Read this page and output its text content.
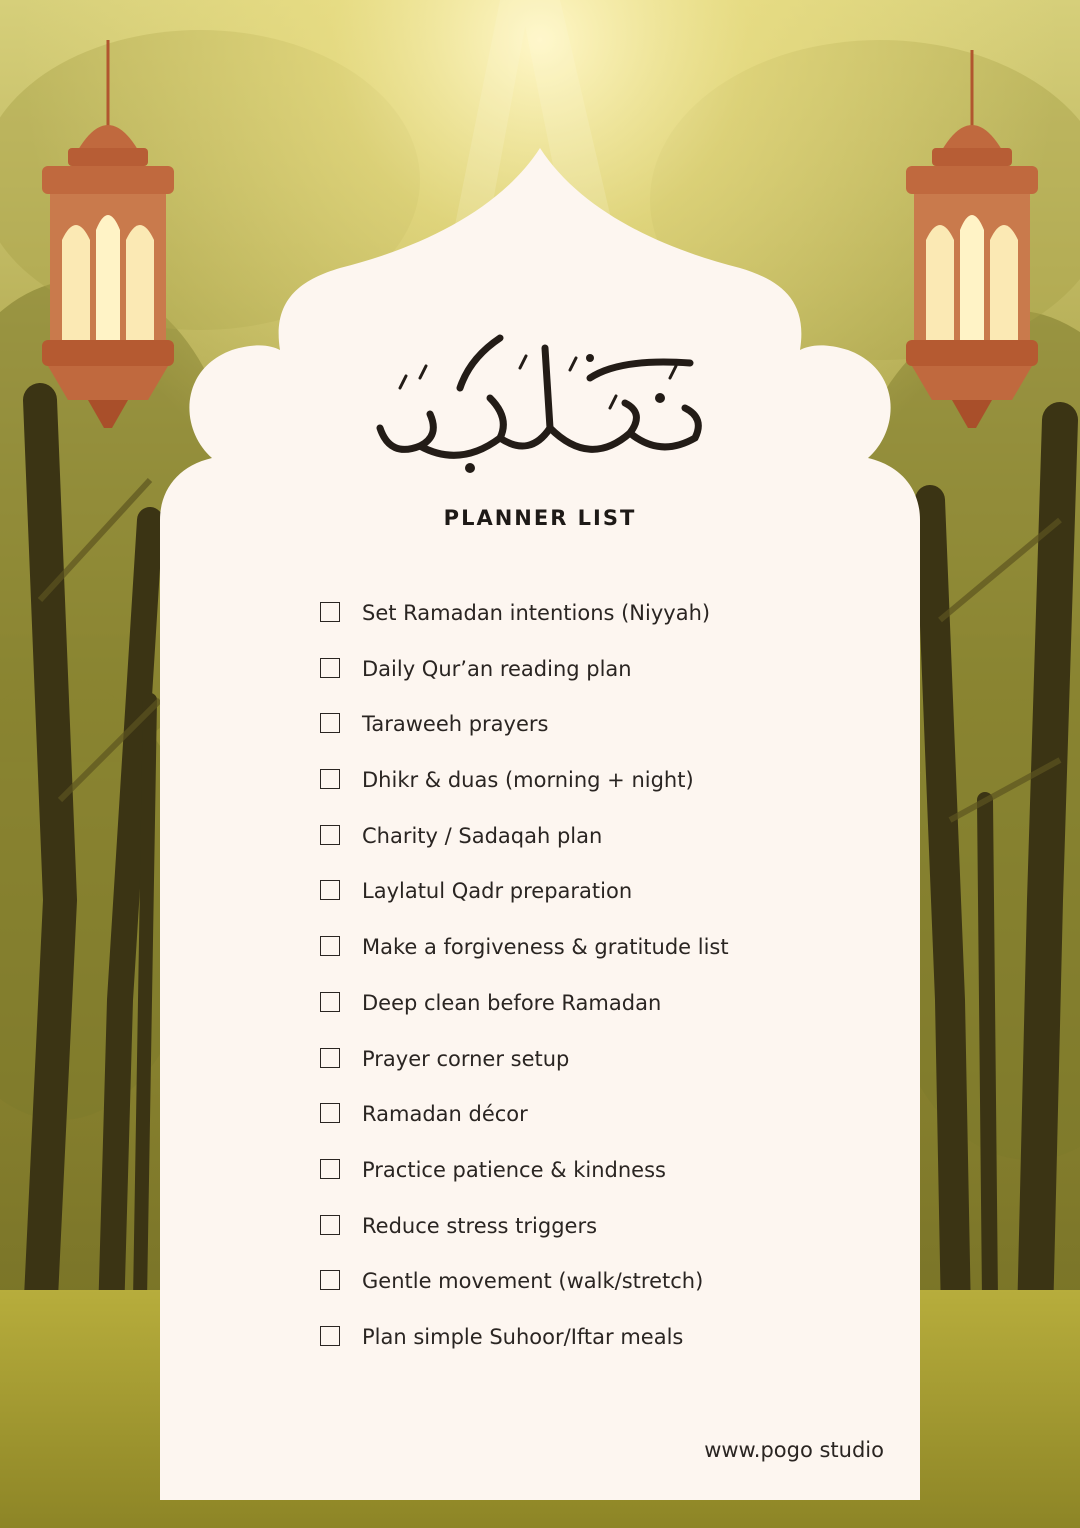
PLANNER LIST
Set Ramadan intentions (Niyyah)
Daily Qur’an reading plan
Taraweeh prayers
Dhikr & duas (morning + night)
Charity / Sadaqah plan
Laylatul Qadr preparation
Make a forgiveness & gratitude list
Deep clean before Ramadan
Prayer corner setup
Ramadan décor
Practice patience & kindness
Reduce stress triggers
Gentle movement (walk/stretch)
Plan simple Suhoor/Iftar meals
www.pogo studio
